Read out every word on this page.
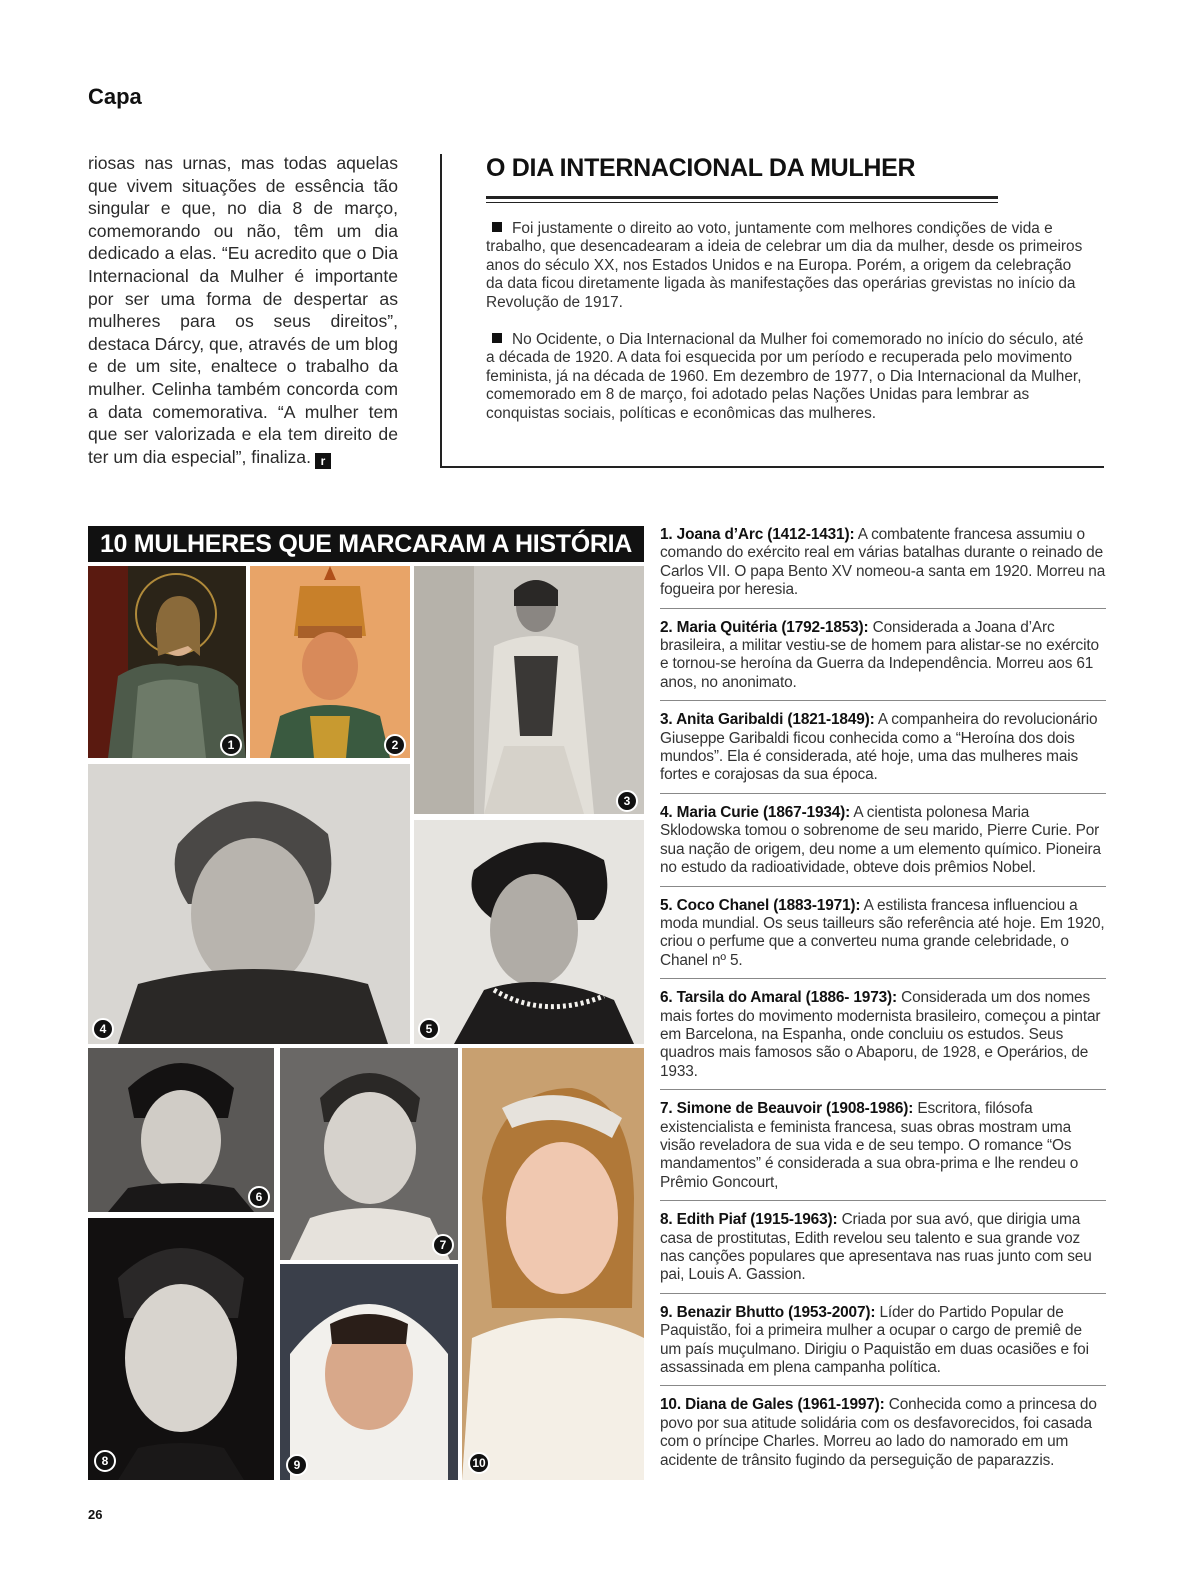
Capa
riosas nas urnas, mas todas aquelas que vivem situações de essência tão singular e que, no dia 8 de março, comemorando ou não, têm um dia dedicado a elas. “Eu acredito que o Dia Internacional da Mulher é importante por ser uma forma de despertar as mulheres para os seus direitos”, destaca Dárcy, que, através de um blog e de um site, enaltece o trabalho da mulher. Celinha também concorda com a data comemorativa. “A mulher tem que ser valorizada e ela tem direito de ter um dia especial”, finaliza. r
O DIA INTERNACIONAL DA MULHER
Foi justamente o direito ao voto, juntamente com melhores condições de vida e trabalho, que desencadearam a ideia de celebrar um dia da mulher, desde os primeiros anos do século XX, nos Estados Unidos e na Europa. Porém, a origem da celebração da data ficou diretamente ligada às manifestações das operárias grevistas no início da Revolução de 1917.
No Ocidente, o Dia Internacional da Mulher foi comemorado no início do século, até a década de 1920. A data foi esquecida por um período e recuperada pelo movimento feminista, já na década de 1960. Em dezembro de 1977, o Dia Internacional da Mulher, comemorado em 8 de março, foi adotado pelas Nações Unidas para lembrar as conquistas sociais, políticas e econômicas das mulheres.
10 MULHERES QUE MARCARAM A HISTÓRIA
1	2
3
4	5
6
7
10
8	9
1. Joana d’Arc (1412-1431): A combatente francesa assumiu o comando do exército real em várias batalhas durante o reinado de Carlos VII. O papa Bento XV nomeou-a santa em 1920. Morreu na fogueira por heresia.
2. Maria Quitéria (1792-1853): Considerada a Joana d’Arc brasileira, a militar vestiu-se de homem para alistar-se no exército e tornou-se heroína da Guerra da Independência. Morreu aos 61 anos, no anonimato.
3. Anita Garibaldi (1821-1849): A companheira do revolucionário Giuseppe Garibaldi ficou conhecida como a “Heroína dos dois mundos”. Ela é considerada, até hoje, uma das mulheres mais fortes e corajosas da sua época.
4. Maria Curie (1867-1934): A cientista polonesa Maria Sklodowska tomou o sobrenome de seu marido, Pierre Curie. Por sua nação de origem, deu nome a um elemento químico. Pioneira no estudo da radioatividade, obteve dois prêmios Nobel.
5. Coco Chanel (1883-1971): A estilista francesa influenciou a moda mundial. Os seus tailleurs são referência até hoje. Em 1920, criou o perfume que a converteu numa grande celebridade, o Chanel nº 5.
6. Tarsila do Amaral (1886- 1973): Considerada um dos nomes mais fortes do movimento modernista brasileiro, começou a pintar em Barcelona, na Espanha, onde concluiu os estudos. Seus quadros mais famosos são o Abaporu, de 1928, e Operários, de 1933.
7. Simone de Beauvoir (1908-1986): Escritora, filósofa existencialista e feminista francesa, suas obras mostram uma visão reveladora de sua vida e de seu tempo. O romance “Os mandamentos” é considerada a sua obra-prima e lhe rendeu o Prêmio Goncourt,
8. Edith Piaf (1915-1963): Criada por sua avó, que dirigia uma casa de prostitutas, Edith revelou seu talento e sua grande voz nas canções populares que apresentava nas ruas junto com seu pai, Louis A. Gassion.
9. Benazir Bhutto (1953-2007): Líder do Partido Popular de Paquistão, foi a primeira mulher a ocupar o cargo de premiê de um país muçulmano. Dirigiu o Paquistão em duas ocasiões e foi assassinada em plena campanha política.
10. Diana de Gales (1961-1997): Conhecida como a princesa do povo por sua atitude solidária com os desfavorecidos, foi casada com o príncipe Charles. Morreu ao lado do namorado em um acidente de trânsito fugindo da perseguição de paparazzis.
26
